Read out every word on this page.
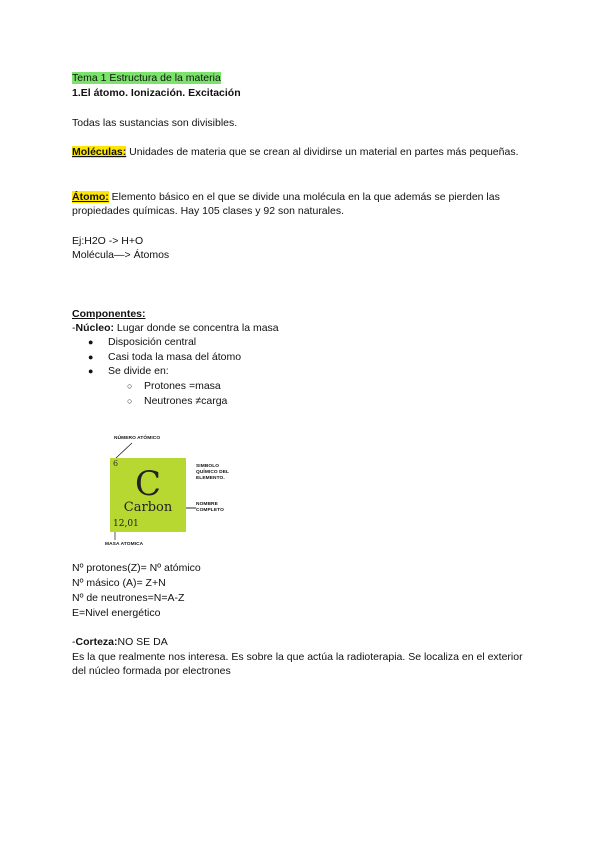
Tema 1 Estructura de la materia
1.El átomo. Ionización. Excitación
Todas las sustancias son divisibles.
Moléculas: Unidades de materia que se crean al dividirse un material en partes más pequeñas.
Átomo: Elemento básico en el que se divide una molécula en la que además se pierden las propiedades químicas. Hay 105 clases y 92 son naturales.
Ej:H2O -> H+O
Molécula—> Átomos
Componentes:
-Núcleo: Lugar donde se concentra la masa
● Disposición central
● Casi toda la masa del átomo
● Se divide en:
○ Protones =masa
○ Neutrones ≠carga
NÚMERO ATÓMICO
6
C
Carbon
12,01
SIMBOLO QUÍMICO DEL ELEMENTO.
NOMBRE COMPLETO
MASA ATOMICA
Nº protones(Z)= Nº atómico
Nº másico (A)= Z+N
Nº de neutrones=N=A-Z
E=Nivel energético
-Corteza:NO SE DA
Es la que realmente nos interesa. Es sobre la que actúa la radioterapia. Se localiza en el exterior del núcleo formada por electrones
